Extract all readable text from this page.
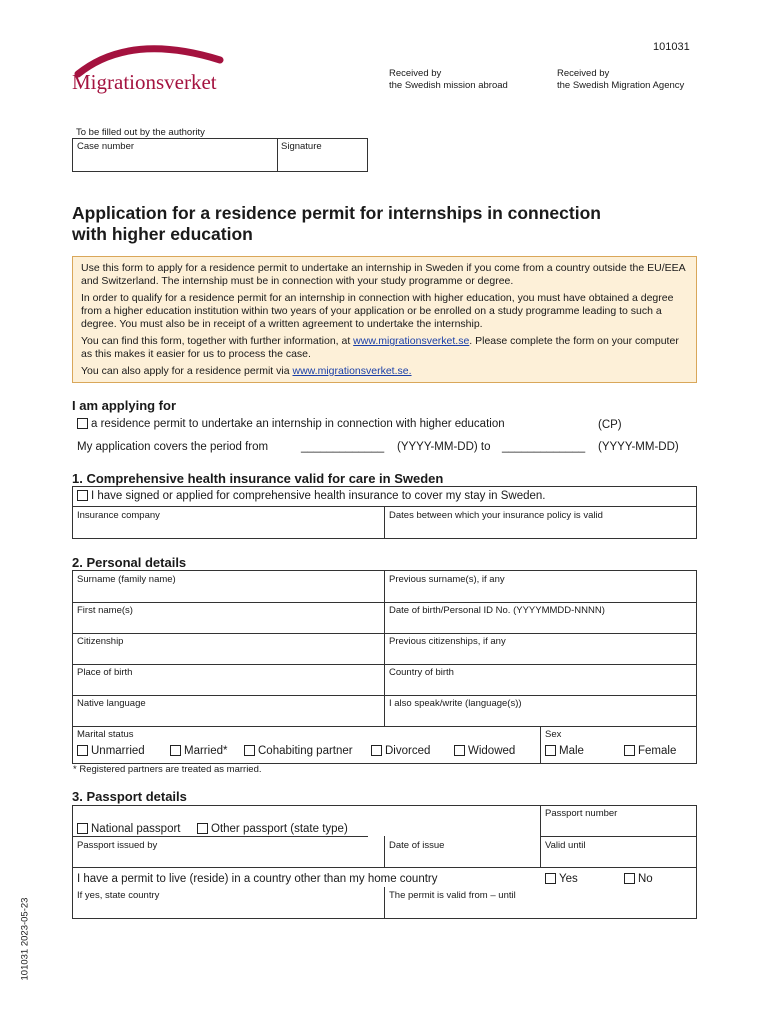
Migrationsverket
101031
Received by
the Swedish mission abroad
Received by
the Swedish Migration Agency
To be filled out by the authority
Case number	Signature
Application for a residence permit for internships in connection
with higher education

Use this form to apply for a residence permit to undertake an internship in Sweden if you come from a country outside the EU/EEA and Switzerland. The internship must be in connection with your study programme or degree.

In order to qualify for a residence permit for an internship in connection with higher education, you must have obtained a degree from a higher education institution within two years of your application or be enrolled on a study programme leading to such a degree. You must also be in receipt of a written agreement to undertake the internship.

You can find this form, together with further information, at www.migrationsverket.se. Please complete the form on your computer as this makes it easier for us to process the case.

You can also apply for a residence permit via www.migrationsverket.se.

I am applying for
a residence permit to undertake an internship in connection with higher education	(CP)
My application covers the period from	_____________ (YYYY-MM-DD) to _____________ (YYYY-MM-DD)
1. Comprehensive health insurance valid for care in Sweden
I have signed or applied for comprehensive health insurance to cover my stay in Sweden.
Insurance company	Dates between which your insurance policy is valid
2. Personal details
Surname (family name)	Previous surname(s), if any
First name(s)	Date of birth/Personal ID No. (YYYYMMDD-NNNN)
Citizenship	Previous citizenships, if any
Place of birth	Country of birth
Native language	I also speak/write (language(s))
Marital status	Sex
Unmarried	Married*	Cohabiting partner	Divorced	Widowed	Male	Female
* Registered partners are treated as married.
3. Passport details
Passport number
National passport	Other passport (state type)
Passport issued by	Date of issue	Valid until
I have a permit to live (reside) in a country other than my home country	Yes	No
If yes, state country	The permit is valid from – until
101031 2023-05-23
